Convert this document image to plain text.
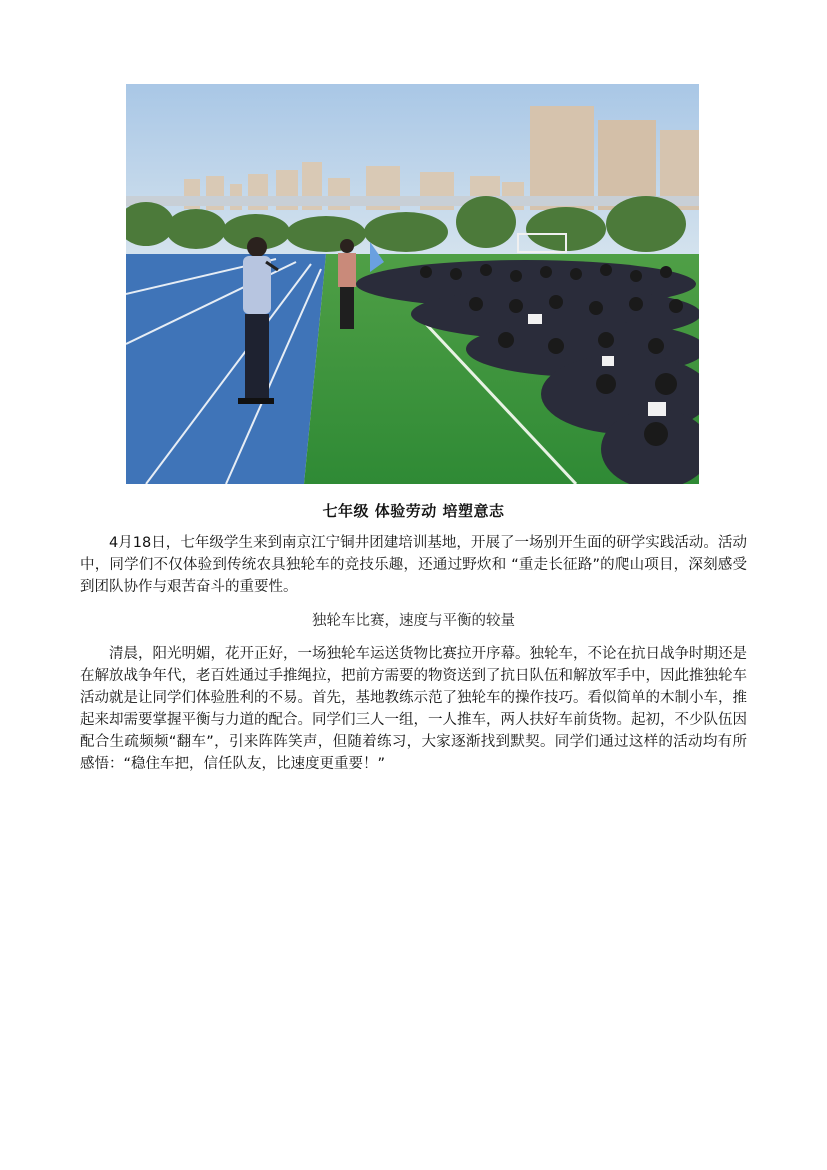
七年级 体验劳动 培塑意志

4月18日，七年级学生来到南京江宁铜井团建培训基地，开展了一场别开生面的研学实践活动。活动中，同学们不仅体验到传统农具独轮车的竞技乐趣，还通过野炊和 “重走长征路”的爬山项目，深刻感受到团队协作与艰苦奋斗的重要性。

独轮车比赛，速度与平衡的较量

清晨，阳光明媚，花开正好，一场独轮车运送货物比赛拉开序幕。独轮车，不论在抗日战争时期还是在解放战争年代，老百姓通过手推绳拉，把前方需要的物资送到了抗日队伍和解放军手中，因此推独轮车活动就是让同学们体验胜利的不易。首先，基地教练示范了独轮车的操作技巧。看似简单的木制小车，推起来却需要掌握平衡与力道的配合。同学们三人一组，一人推车，两人扶好车前货物。起初，不少队伍因配合生疏频频“翻车”，引来阵阵笑声，但随着练习，大家逐渐找到默契。同学们通过这样的活动均有所感悟：“稳住车把，信任队友，比速度更重要！”
